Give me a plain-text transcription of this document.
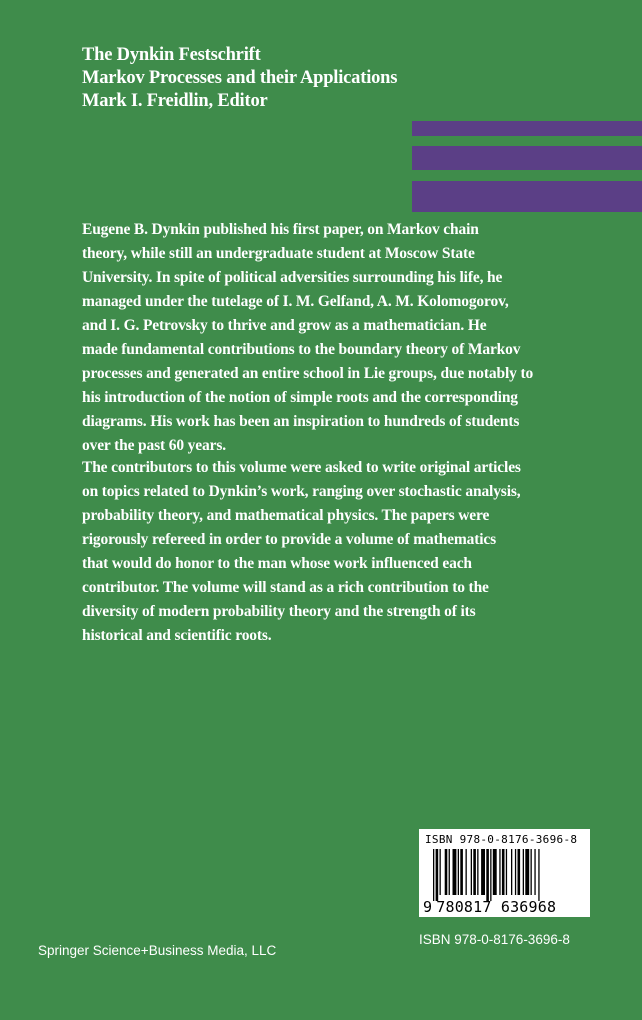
The Dynkin Festschrift
Markov Processes and their Applications
Mark I. Freidlin, Editor
Eugene B. Dynkin published his first paper, on Markov chain
theory, while still an undergraduate student at Moscow State
University. In spite of political adversities surrounding his life, he
managed under the tutelage of I. M. Gelfand, A. M. Kolomogorov,
and I. G. Petrovsky to thrive and grow as a mathematician. He
made fundamental contributions to the boundary theory of Markov
processes and generated an entire school in Lie groups, due notably to
his introduction of the notion of simple roots and the corresponding
diagrams. His work has been an inspiration to hundreds of students
over the past 60 years.
The contributors to this volume were asked to write original articles
on topics related to Dynkin’s work, ranging over stochastic analysis,
probability theory, and mathematical physics. The papers were
rigorously refereed in order to provide a volume of mathematics
that would do honor to the man whose work influenced each
contributor. The volume will stand as a rich contribution to the
diversity of modern probability theory and the strength of its
historical and scientific roots.
ISBN 978-0-8176-3696-8
9 780817 636968
ISBN 978-0-8176-3696-8
Springer Science+Business Media, LLC
